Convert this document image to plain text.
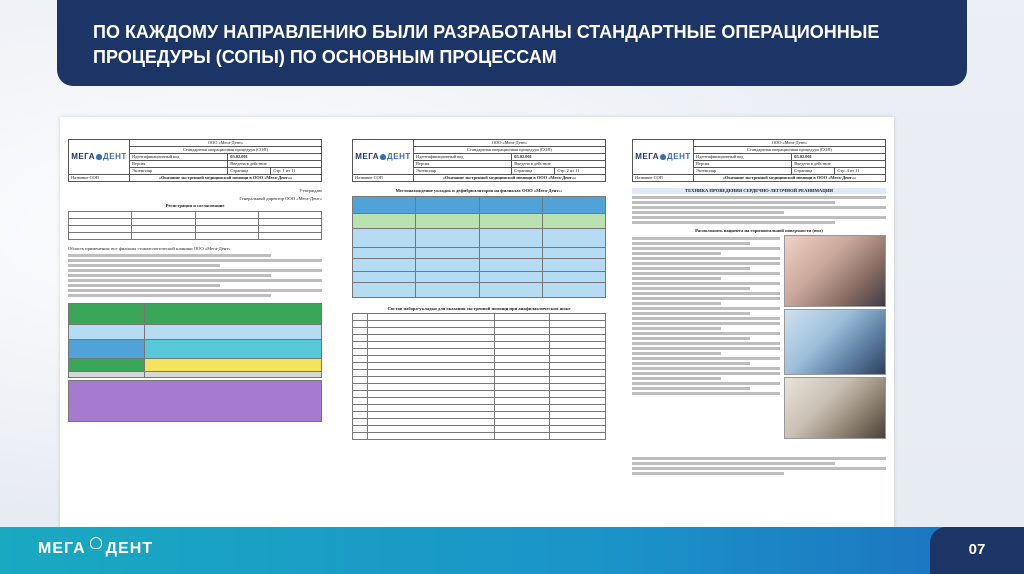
ПО КАЖДОМУ НАПРАВЛЕНИЮ БЫЛИ РАЗРАБОТАНЫ СТАНДАРТНЫЕ ОПЕРАЦИОННЫЕ ПРОЦЕДУРЫ (СОПЫ) ПО ОСНОВНЫМ ПРОЦЕССАМ
МЕГА ДЕНТ	ООО «Мега-Дент»		
	Стандартная операционная процедура (СОП)		
	Идентификационный код	05.02.001	
	Версия	Введена в действие	
	Экземпляр	Страница	Стр. 1 из 11
Название СОП	«Оказание экстренной медицинской помощи в ООО «Мега-Дент»»		
Утверждаю
Генеральный директор ООО «Мега-Дент»
Регистрация и согласование

Область применения: все филиалы стоматологической клиники ООО «Мега-Дент»

МЕГА ДЕНТ	ООО «Мега-Дент»		
	Стандартная операционная процедура (СОП)		
	Идентификационный код	05.02.001	
	Версия	Введена в действие	
	Экземпляр	Страница	Стр. 2 из 11
Название СОП	«Оказание экстренной медицинской помощи в ООО «Мега-Дент»»		
Местонахождение укладок и дефибрилляторов на филиалах ООО «Мега-Дент»:

Состав набора-укладки для оказания экстренной помощи при анафилактическом шоке

МЕГА ДЕНТ	ООО «Мега-Дент»		
	Стандартная операционная процедура (СОП)		
	Идентификационный код	05.02.001	
	Версия	Введена в действие	
	Экземпляр	Страница	Стр. 4 из 11
Название СОП	«Оказание экстренной медицинской помощи в ООО «Мега-Дент»»		
ТЕХНИКА ПРОВЕДЕНИЯ СЕРДЕЧНО-ЛЕГОЧНОЙ РЕАНИМАЦИИ
Расположить пациента на горизонтальной поверхности (пол)
МЕГА ДЕНТ	07
